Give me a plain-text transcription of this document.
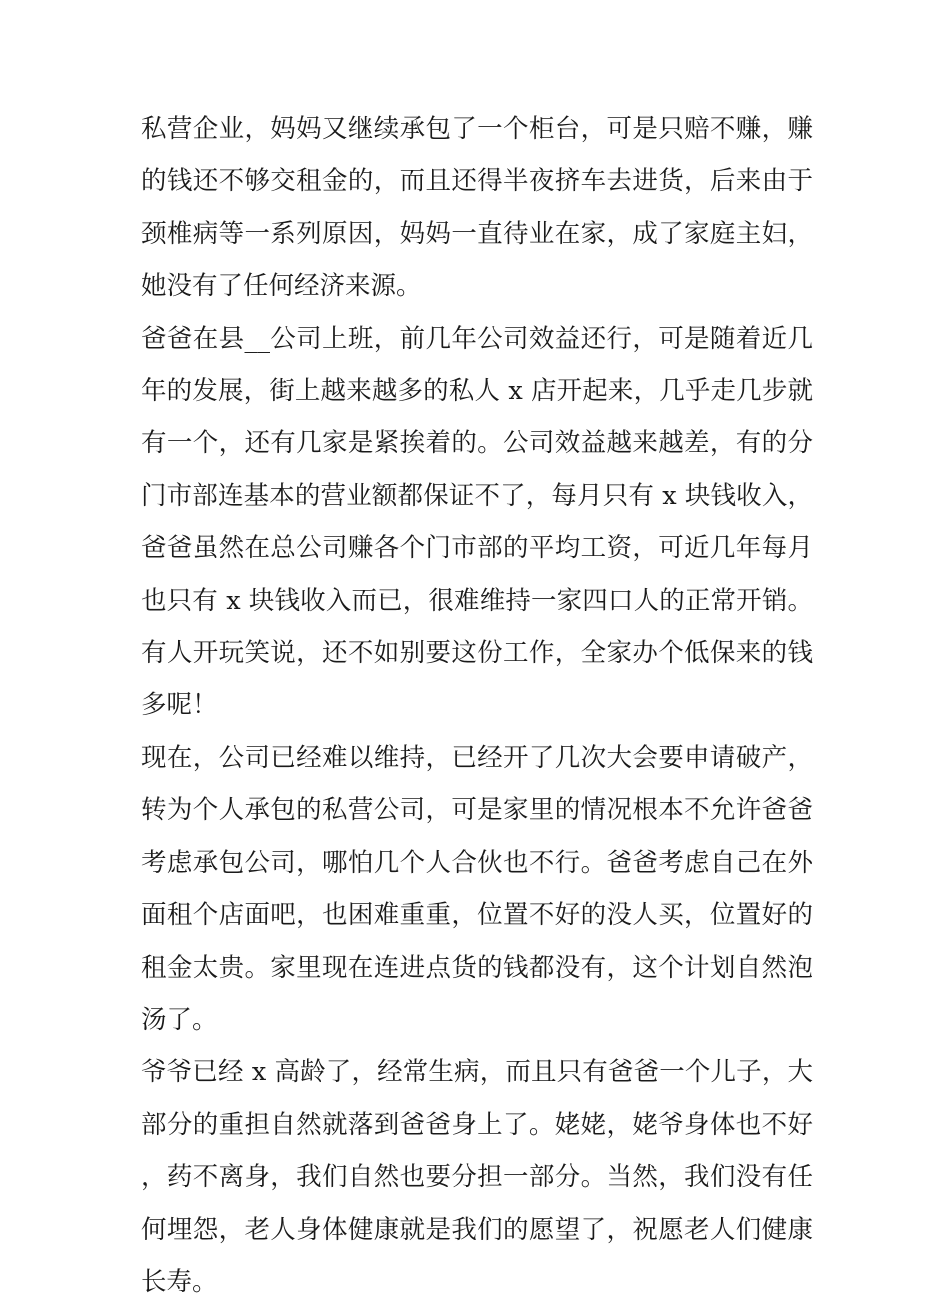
私营企业，妈妈又继续承包了一个柜台，可是只赔不赚，赚的钱还不够交租金的，而且还得半夜挤车去进货，后来由于颈椎病等一系列原因，妈妈一直待业在家，成了家庭主妇，她没有了任何经济来源。

爸爸在县__公司上班，前几年公司效益还行，可是随着近几年的发展，街上越来越多的私人 x 店开起来，几乎走几步就有一个，还有几家是紧挨着的。公司效益越来越差，有的分门市部连基本的营业额都保证不了，每月只有 x 块钱收入，爸爸虽然在总公司赚各个门市部的平均工资，可近几年每月也只有 x 块钱收入而已，很难维持一家四口人的正常开销。有人开玩笑说，还不如别要这份工作，全家办个低保来的钱多呢！

现在，公司已经难以维持，已经开了几次大会要申请破产，转为个人承包的私营公司，可是家里的情况根本不允许爸爸考虑承包公司，哪怕几个人合伙也不行。爸爸考虑自己在外面租个店面吧，也困难重重，位置不好的没人买，位置好的租金太贵。家里现在连进点货的钱都没有，这个计划自然泡汤了。

爷爷已经 x 高龄了，经常生病，而且只有爸爸一个儿子，大部分的重担自然就落到爸爸身上了。姥姥，姥爷身体也不好，药不离身，我们自然也要分担一部分。当然，我们没有任何埋怨，老人身体健康就是我们的愿望了，祝愿老人们健康长寿。
